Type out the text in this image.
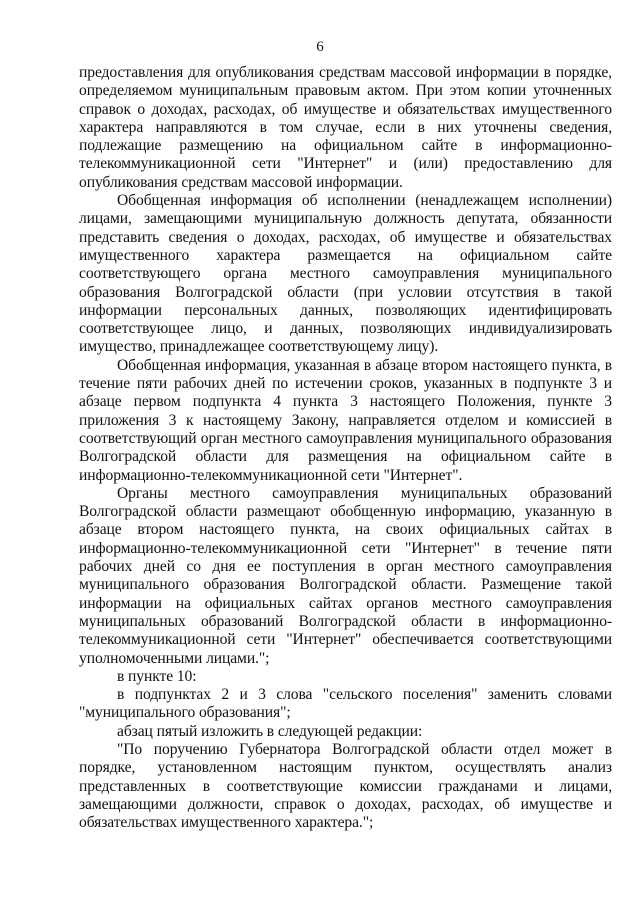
6

предоставления для опубликования средствам массовой информации в порядке, определяемом муниципальным правовым актом. При этом копии уточненных справок о доходах, расходах, об имуществе и обязательствах имущественного характера направляются в том случае, если в них уточнены сведения, подлежащие размещению на официальном сайте в информационно-телекоммуникационной сети "Интернет" и (или) предоставлению для опубликования средствам массовой информации.

Обобщенная информация об исполнении (ненадлежащем исполнении) лицами, замещающими муниципальную должность депутата, обязанности представить сведения о доходах, расходах, об имуществе и обязательствах имущественного характера размещается на официальном сайте соответствующего органа местного самоуправления муниципального образования Волгоградской области (при условии отсутствия в такой информации персональных данных, позволяющих идентифицировать соответствующее лицо, и данных, позволяющих индивидуализировать имущество, принадлежащее соответствующему лицу).

Обобщенная информация, указанная в абзаце втором настоящего пункта, в течение пяти рабочих дней по истечении сроков, указанных в подпункте 3 и абзаце первом подпункта 4 пункта 3 настоящего Положения, пункте 3 приложения 3 к настоящему Закону, направляется отделом и комиссией в соответствующий орган местного самоуправления муниципального образования Волгоградской области для размещения на официальном сайте в информационно-телекоммуникационной сети "Интернет".

Органы местного самоуправления муниципальных образований Волгоградской области размещают обобщенную информацию, указанную в абзаце втором настоящего пункта, на своих официальных сайтах в информационно-телекоммуникационной сети "Интернет" в течение пяти рабочих дней со дня ее поступления в орган местного самоуправления муниципального образования Волгоградской области. Размещение такой информации на официальных сайтах органов местного самоуправления муниципальных образований Волгоградской области в информационно-телекоммуникационной сети "Интернет" обеспечивается соответствующими уполномоченными лицами.";

в пункте 10:

в подпунктах 2 и 3 слова "сельского поселения" заменить словами "муниципального образования";

абзац пятый изложить в следующей редакции:

"По поручению Губернатора Волгоградской области отдел может в порядке, установленном настоящим пунктом, осуществлять анализ представленных в соответствующие комиссии гражданами и лицами, замещающими должности, справок о доходах, расходах, об имуществе и обязательствах имущественного характера.";
